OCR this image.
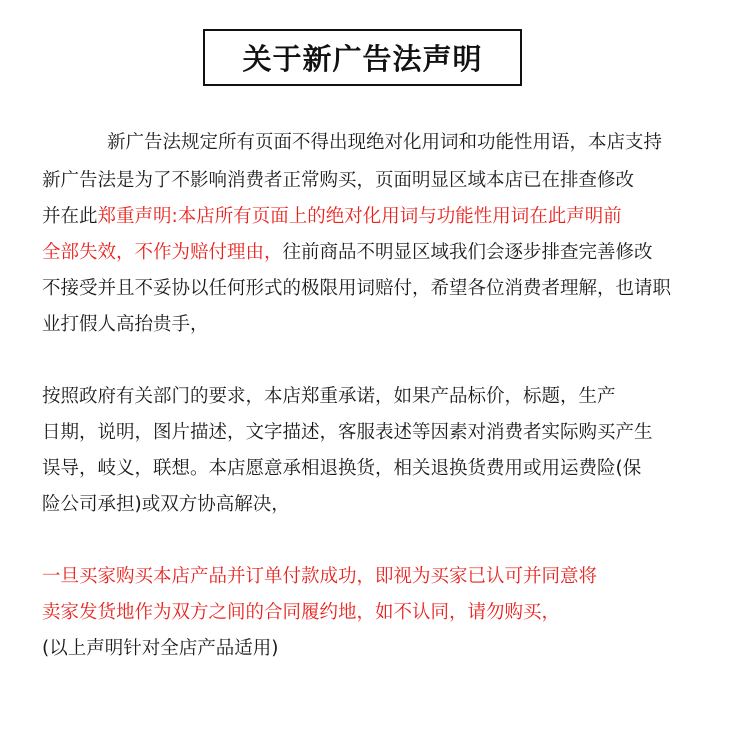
关于新广告法声明
新广告法规定所有页面不得出现绝对化用词和功能性用语，本店支持
新广告法是为了不影响消费者正常购买，页面明显区域本店已在排查修改
并在此郑重声明:本店所有页面上的绝对化用词与功能性用词在此声明前
全部失效，不作为赔付理由，往前商品不明显区域我们会逐步排查完善修改
不接受并且不妥协以任何形式的极限用词赔付，希望各位消费者理解，也请职
业打假人高抬贵手，
按照政府有关部门的要求，本店郑重承诺，如果产品标价，标题，生产
日期，说明，图片描述，文字描述，客服表述等因素对消费者实际购买产生
误导，岐义，联想。本店愿意承相退换货，相关退换货费用或用运费险(保
险公司承担)或双方协高解决，
一旦买家购买本店产品并订单付款成功，即视为买家已认可并同意将
卖家发货地作为双方之间的合同履约地，如不认同，请勿购买，
(以上声明针对全店产品适用)
